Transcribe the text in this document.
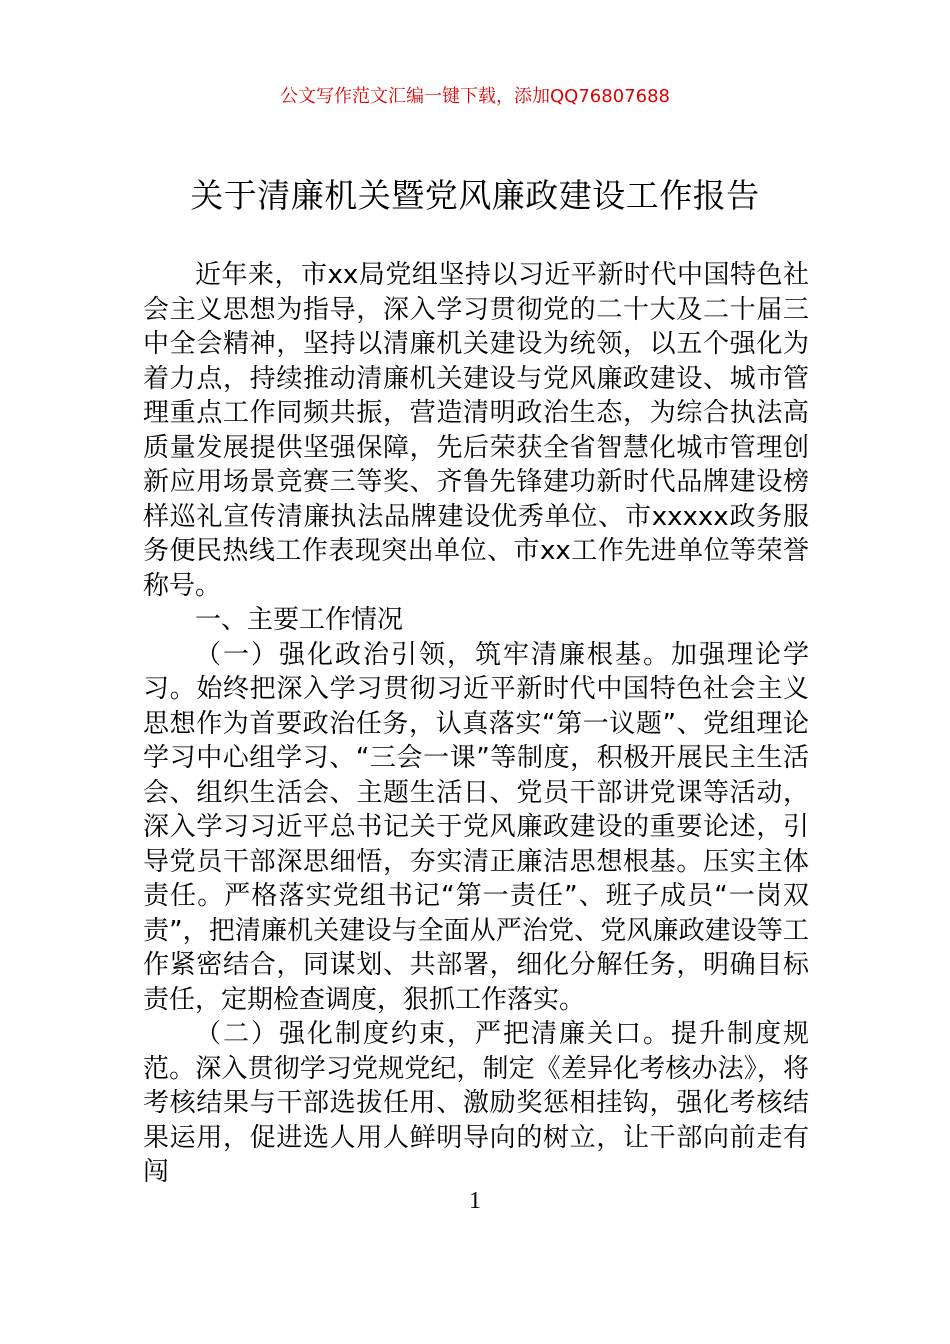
公文写作范文汇编一键下载，添加QQ76807688
关于清廉机关暨党风廉政建设工作报告

近年来，市xx局党组坚持以习近平新时代中国特色社会主义思想为指导，深入学习贯彻党的二十大及二十届三中全会精神，坚持以清廉机关建设为统领，以五个强化为着力点，持续推动清廉机关建设与党风廉政建设、城市管理重点工作同频共振，营造清明政治生态，为综合执法高质量发展提供坚强保障，先后荣获全省智慧化城市管理创新应用场景竞赛三等奖、齐鲁先锋建功新时代品牌建设榜样巡礼宣传清廉执法品牌建设优秀单位、市xxxxx政务服务便民热线工作表现突出单位、市xx工作先进单位等荣誉称号。

一、主要工作情况

（一）强化政治引领，筑牢清廉根基。加强理论学习。始终把深入学习贯彻习近平新时代中国特色社会主义思想作为首要政治任务，认真落实“第一议题”、党组理论学习中心组学习、“三会一课”等制度，积极开展民主生活会、组织生活会、主题生活日、党员干部讲党课等活动，深入学习习近平总书记关于党风廉政建设的重要论述，引导党员干部深思细悟，夯实清正廉洁思想根基。压实主体责任。严格落实党组书记“第一责任”、班子成员“一岗双责”，把清廉机关建设与全面从严治党、党风廉政建设等工作紧密结合，同谋划、共部署，细化分解任务，明确目标责任，定期检查调度，狠抓工作落实。

（二）强化制度约束，严把清廉关口。提升制度规范。深入贯彻学习党规党纪，制定《差异化考核办法》，将考核结果与干部选拔任用、激励奖惩相挂钩，强化考核结果运用，促进选人用人鲜明导向的树立，让干部向前走有闯

1
